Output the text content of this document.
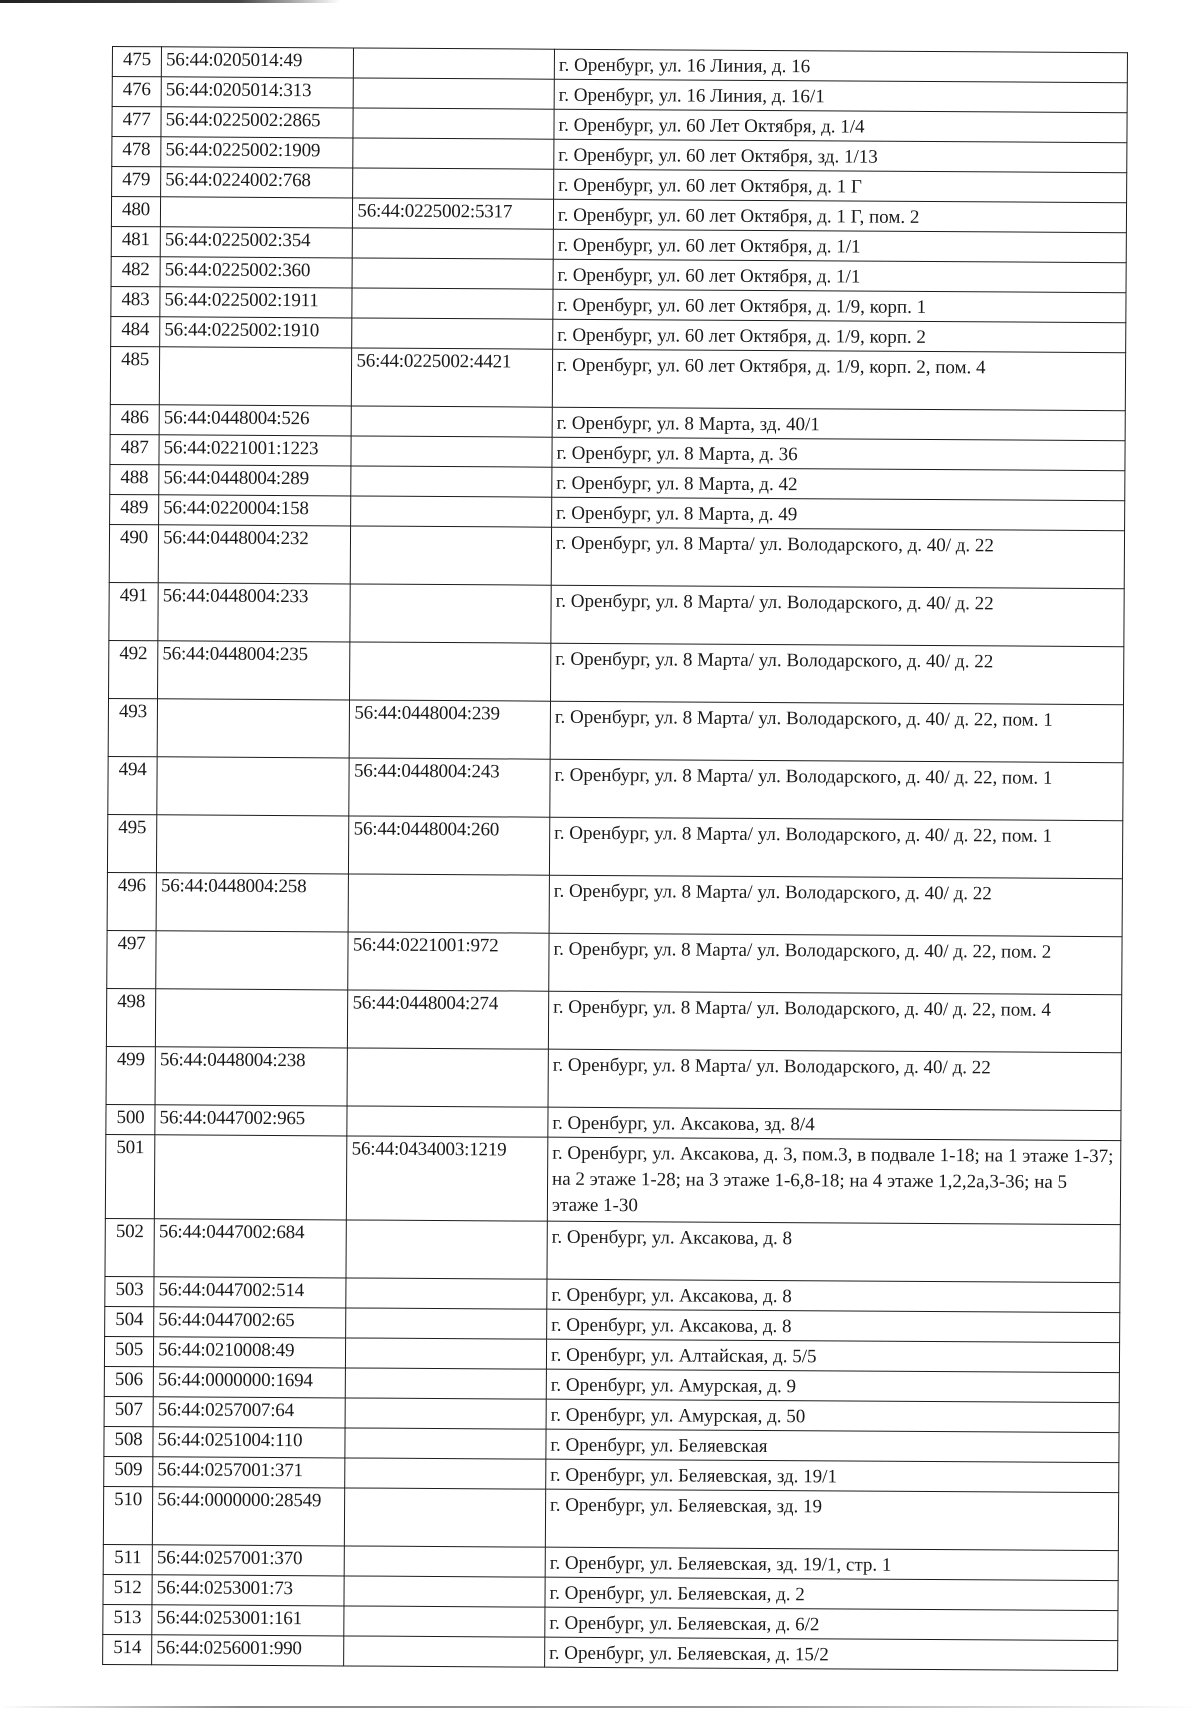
475	56:44:0205014:49		г. Оренбург, ул. 16 Линия, д. 16
476	56:44:0205014:313		г. Оренбург, ул. 16 Линия, д. 16/1
477	56:44:0225002:2865		г. Оренбург, ул. 60 Лет Октября, д. 1/4
478	56:44:0225002:1909		г. Оренбург, ул. 60 лет Октября, зд. 1/13
479	56:44:0224002:768		г. Оренбург, ул. 60 лет Октября, д. 1 Г
480		56:44:0225002:5317	г. Оренбург, ул. 60 лет Октября, д. 1 Г, пом. 2
481	56:44:0225002:354		г. Оренбург, ул. 60 лет Октября, д. 1/1
482	56:44:0225002:360		г. Оренбург, ул. 60 лет Октября, д. 1/1
483	56:44:0225002:1911		г. Оренбург, ул. 60 лет Октября, д. 1/9, корп. 1
484	56:44:0225002:1910		г. Оренбург, ул. 60 лет Октября, д. 1/9, корп. 2
485		56:44:0225002:4421	г. Оренбург, ул. 60 лет Октября, д. 1/9, корп. 2, пом. 4
486	56:44:0448004:526		г. Оренбург, ул. 8 Марта, зд. 40/1
487	56:44:0221001:1223		г. Оренбург, ул. 8 Марта, д. 36
488	56:44:0448004:289		г. Оренбург, ул. 8 Марта, д. 42
489	56:44:0220004:158		г. Оренбург, ул. 8 Марта, д. 49
490	56:44:0448004:232		г. Оренбург, ул. 8 Марта/ ул. Володарского, д. 40/ д. 22
491	56:44:0448004:233		г. Оренбург, ул. 8 Марта/ ул. Володарского, д. 40/ д. 22
492	56:44:0448004:235		г. Оренбург, ул. 8 Марта/ ул. Володарского, д. 40/ д. 22
493		56:44:0448004:239	г. Оренбург, ул. 8 Марта/ ул. Володарского, д. 40/ д. 22, пом. 1
494		56:44:0448004:243	г. Оренбург, ул. 8 Марта/ ул. Володарского, д. 40/ д. 22, пом. 1
495		56:44:0448004:260	г. Оренбург, ул. 8 Марта/ ул. Володарского, д. 40/ д. 22, пом. 1
496	56:44:0448004:258		г. Оренбург, ул. 8 Марта/ ул. Володарского, д. 40/ д. 22
497		56:44:0221001:972	г. Оренбург, ул. 8 Марта/ ул. Володарского, д. 40/ д. 22, пом. 2
498		56:44:0448004:274	г. Оренбург, ул. 8 Марта/ ул. Володарского, д. 40/ д. 22, пом. 4
499	56:44:0448004:238		г. Оренбург, ул. 8 Марта/ ул. Володарского, д. 40/ д. 22
500	56:44:0447002:965		г. Оренбург, ул. Аксакова, зд. 8/4
501		56:44:0434003:1219	г. Оренбург, ул. Аксакова, д. 3, пом.3, в подвале 1-18; на 1 этаже 1-37; на 2 этаже 1-28; на 3 этаже 1-6,8-18; на 4 этаже 1,2,2а,3-36; на 5 этаже 1-30
502	56:44:0447002:684		г. Оренбург, ул. Аксакова, д. 8
503	56:44:0447002:514		г. Оренбург, ул. Аксакова, д. 8
504	56:44:0447002:65		г. Оренбург, ул. Аксакова, д. 8
505	56:44:0210008:49		г. Оренбург, ул. Алтайская, д. 5/5
506	56:44:0000000:1694		г. Оренбург, ул. Амурская, д. 9
507	56:44:0257007:64		г. Оренбург, ул. Амурская, д. 50
508	56:44:0251004:110		г. Оренбург, ул. Беляевская
509	56:44:0257001:371		г. Оренбург, ул. Беляевская, зд. 19/1
510	56:44:0000000:28549		г. Оренбург, ул. Беляевская, зд. 19
511	56:44:0257001:370		г. Оренбург, ул. Беляевская, зд. 19/1, стр. 1
512	56:44:0253001:73		г. Оренбург, ул. Беляевская, д. 2
513	56:44:0253001:161		г. Оренбург, ул. Беляевская, д. 6/2
514	56:44:0256001:990		г. Оренбург, ул. Беляевская, д. 15/2
